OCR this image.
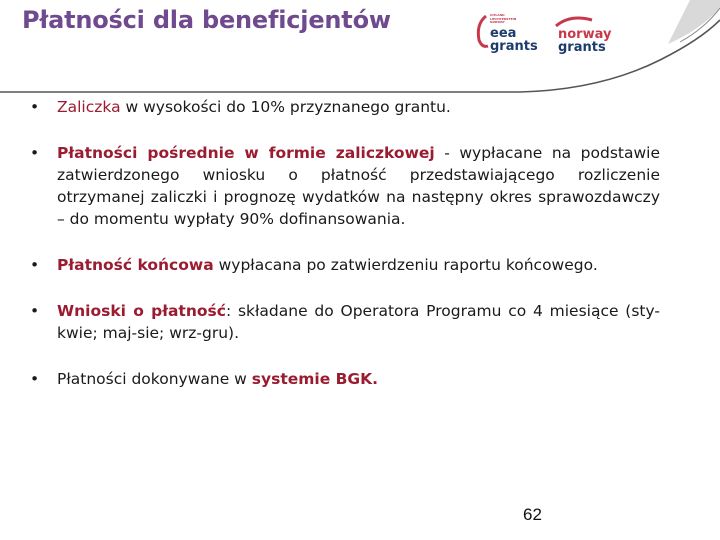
Płatności dla beneficjentów	ICELAND LIECHTENSTEIN NORWAY
eea
grants
norway
grants
• Zaliczka w wysokości do 10% przyznanego grantu.
• Płatności pośrednie w formie zaliczkowej - wypłacane na podstawie zatwierdzonego wniosku o płatność przedstawiającego rozliczenie otrzymanej zaliczki i prognozę wydatków na następny okres sprawozdawczy – do momentu wypłaty 90% dofinansowania.
• Płatność końcowa wypłacana po zatwierdzeniu raportu końcowego.
• Wnioski o płatność: składane do Operatora Programu co 4 miesiące (sty-kwie; maj-sie; wrz-gru).
• Płatności dokonywane w systemie BGK.
62
